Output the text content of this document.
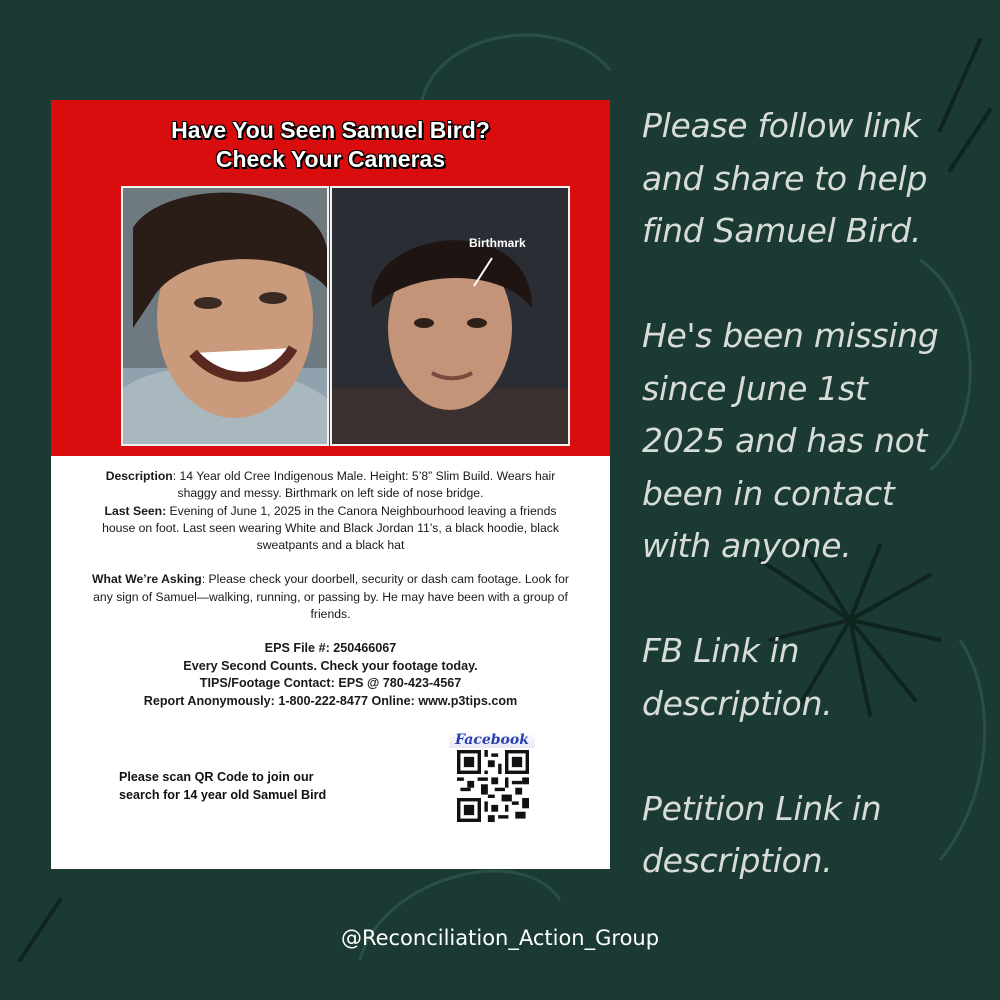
Have You Seen Samuel Bird?
Check Your Cameras
Birthmark

Description: 14 Year old Cree Indigenous Male. Height: 5’8” Slim Build. Wears hair shaggy and messy. Birthmark on left side of nose bridge.

Last Seen: Evening of June 1, 2025 in the Canora Neighbourhood leaving a friends house on foot. Last seen wearing White and Black Jordan 11’s, a black hoodie, black sweatpants and a black hat

What We’re Asking: Please check your doorbell, security or dash cam footage. Look for any sign of Samuel—walking, running, or passing by. He may have been with a group of friends.

EPS File #: 250466067
Every Second Counts. Check your footage today.
TIPS/Footage Contact: EPS @ 780-423-4567
Report Anonymously: 1-800-222-8477 Online: www.p3tips.com
Please scan QR Code to join our
search for 14 year old Samuel Bird
Facebook

Please follow link
and share to help
find Samuel Bird.

He's been missing
since June 1st
2025 and has not
been in contact
with anyone.

FB Link in
description.

Petition Link in
description.

@Reconciliation_Action_Group
